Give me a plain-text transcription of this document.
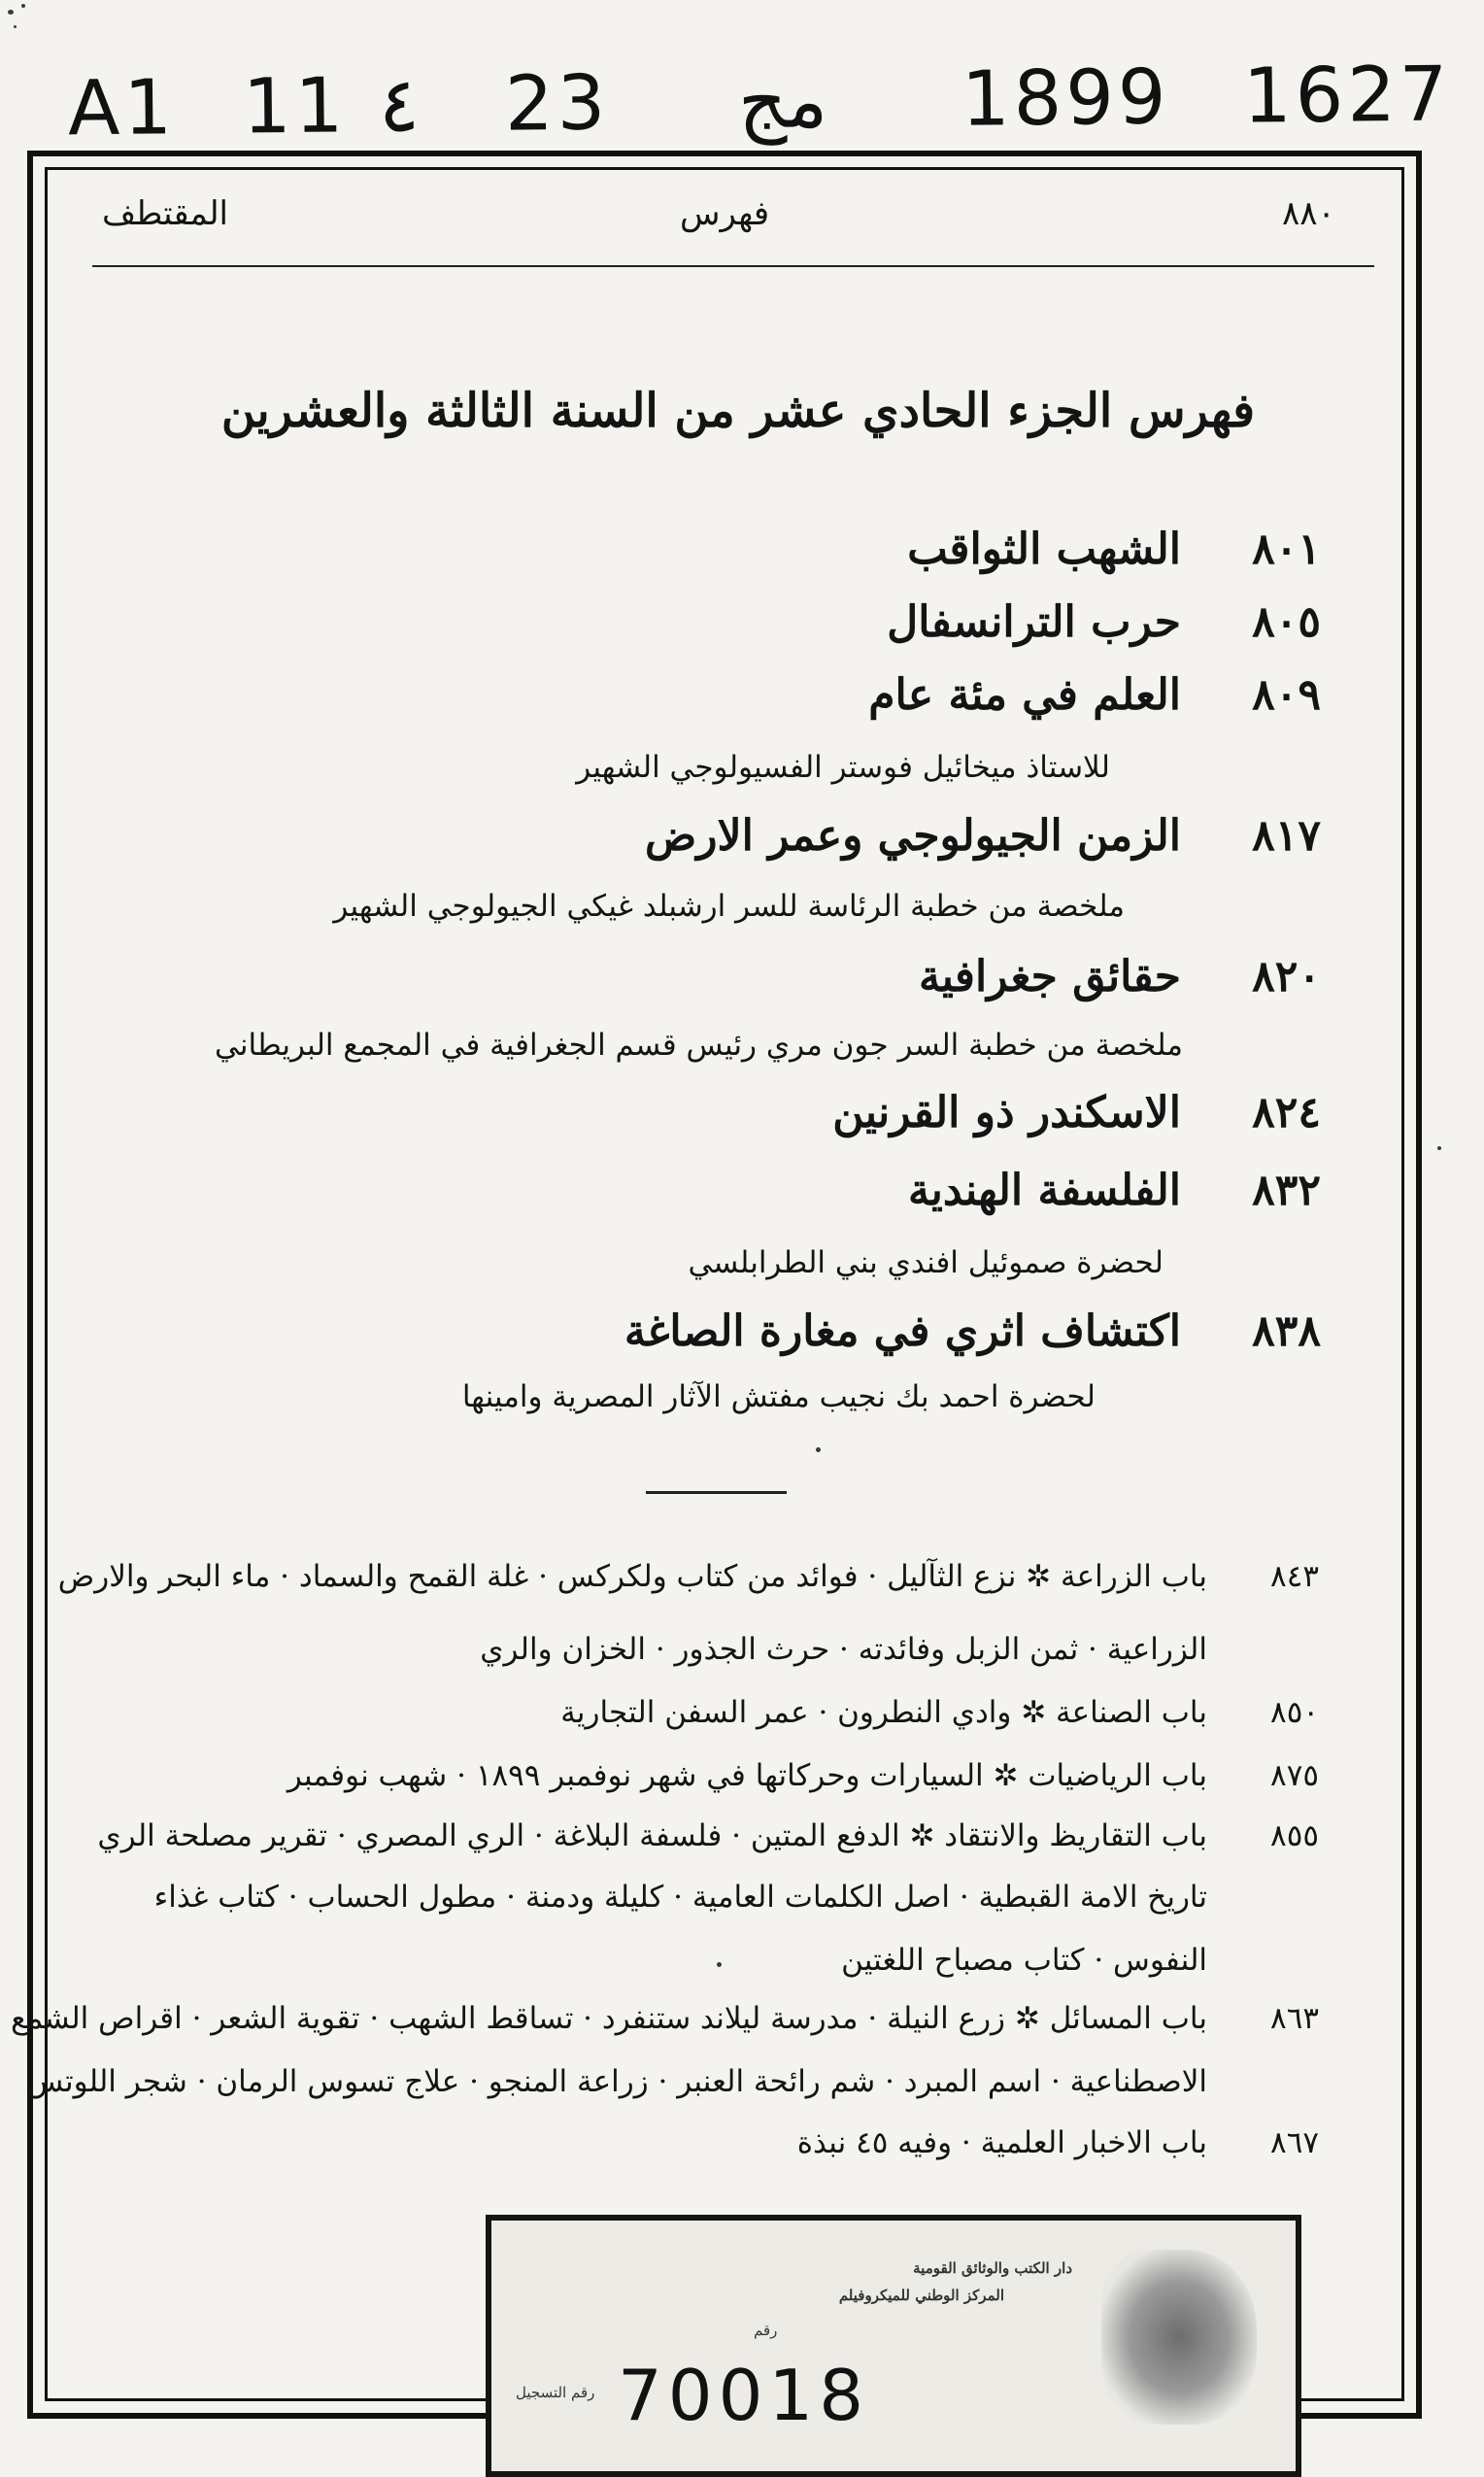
A1 11 ٤ 23 مج 1899 1627
٨٨٠
فهرس
المقتطف
فهرس الجزء الحادي عشر من السنة الثالثة والعشرين
٨٠١الشهب الثواقب
٨٠٥حرب الترانسفال
٨٠٩العلم في مئة عام
للاستاذ ميخائيل فوستر الفسيولوجي الشهير
٨١٧الزمن الجيولوجي وعمر الارض
ملخصة من خطبة الرئاسة للسر ارشبلد غيكي الجيولوجي الشهير
٨٢٠حقائق جغرافية
ملخصة من خطبة السر جون مري رئيس قسم الجغرافية في المجمع البريطاني
٨٢٤الاسكندر ذو القرنين
٨٣٢الفلسفة الهندية
لحضرة صموئيل افندي بني الطرابلسي
٨٣٨اكتشاف اثري في مغارة الصاغة
لحضرة احمد بك نجيب مفتش الآثار المصرية وامينها
٨٤٣باب الزراعة ✲ نزع الثآليل · فوائد من كتاب ولكركس · غلة القمح والسماد · ماء البحر والارض
الزراعية · ثمن الزبل وفائدته · حرث الجذور · الخزان والري
٨٥٠باب الصناعة ✲ وادي النطرون · عمر السفن التجارية
٨٧٥باب الرياضيات ✲ السيارات وحركاتها في شهر نوفمبر ١٨٩٩ · شهب نوفمبر
٨٥٥باب التقاريظ والانتقاد ✲ الدفع المتين · فلسفة البلاغة · الري المصري · تقرير مصلحة الري
تاريخ الامة القبطية · اصل الكلمات العامية · كليلة ودمنة · مطول الحساب · كتاب غذاء
النفوس · كتاب مصباح اللغتين
٨٦٣باب المسائل ✲ زرع النيلة · مدرسة ليلاند ستنفرد · تساقط الشهب · تقوية الشعر · اقراص الشمع
الاصطناعية · اسم المبرد · شم رائحة العنبر · زراعة المنجو · علاج تسوس الرمان · شجر اللوتس
٨٦٧باب الاخبار العلمية · وفيه ٤٥ نبذة
دار الكتب والوثائق القومية
المركز الوطني للميكروفيلم
رقم
70018
رقم التسجيل
